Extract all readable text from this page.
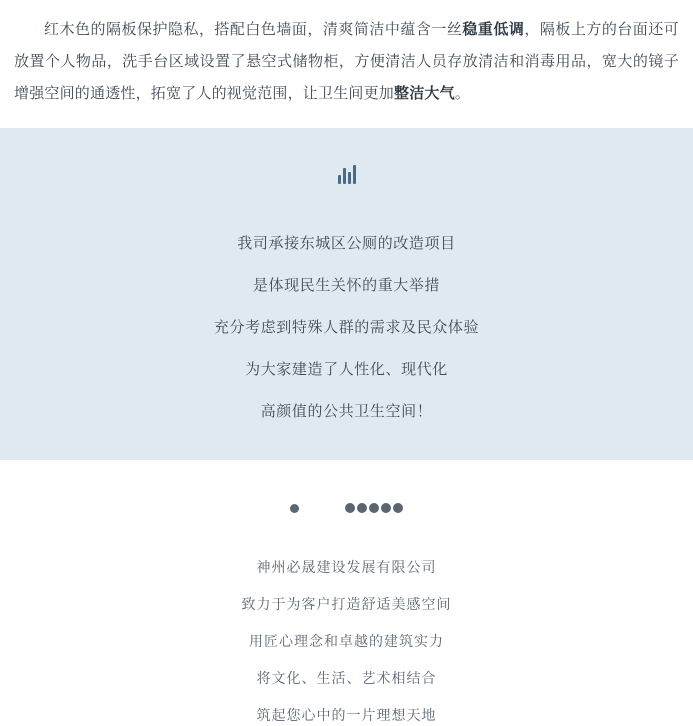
红木色的隔板保护隐私，搭配白色墙面，清爽简洁中蕴含一丝稳重低调，隔板上方的台面还可放置个人物品，洗手台区域设置了悬空式储物柜，方便清洁人员存放清洁和消毒用品，宽大的镜子增强空间的通透性，拓宽了人的视觉范围，让卫生间更加整洁大气。

我司承接东城区公厕的改造项目

是体现民生关怀的重大举措

充分考虑到特殊人群的需求及民众体验

为大家建造了人性化、现代化

高颜值的公共卫生空间！

神州必晟建设发展有限公司

致力于为客户打造舒适美感空间

用匠心理念和卓越的建筑实力

将文化、生活、艺术相结合

筑起您心中的一片理想天地
